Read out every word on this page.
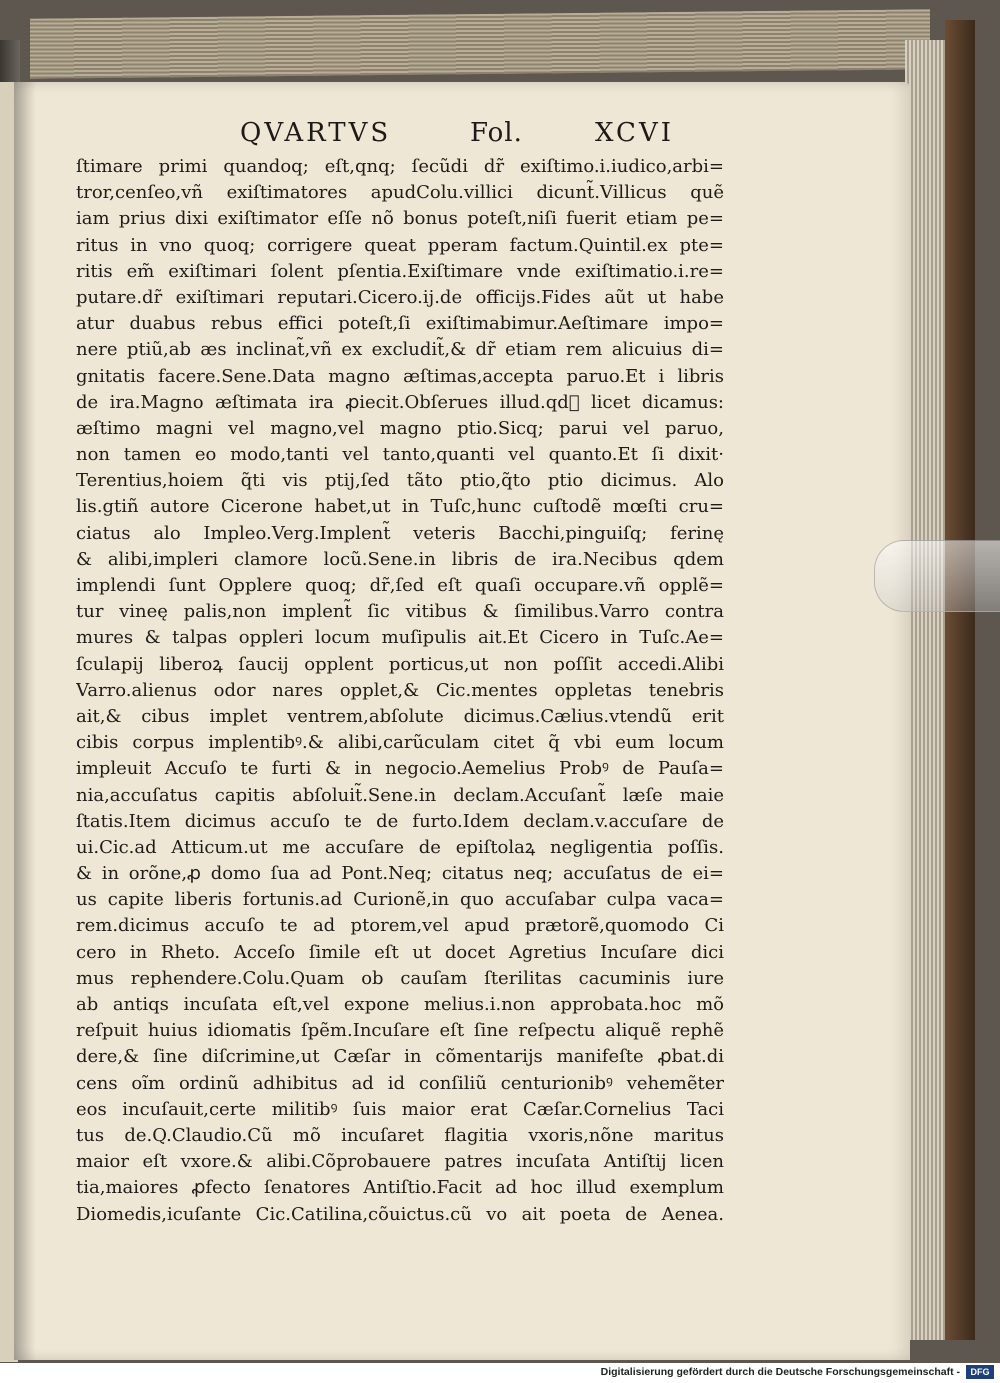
QVARTVS	Fol.	XCVI
ſtimare primi quandoq; eſt,qnq; ſecũdi dr̃ exiſtimo.i.iudico,arbi=
tror,cenſeo,vñ exiſtimatores apudColu.villici dicunt̃.Villicus quẽ
iam prius dixi exiſtimator eſſe nõ bonus poteſt,niſi fuerit etiam pe=
ritus in vno quoq; corrigere queat pperam factum.Quintil.ex pte=
ritis em̃ exiſtimari ſolent pſentia.Exiſtimare vnde exiſtimatio.i.re=
putare.dr̃ exiſtimari reputari.Cicero.ij.de officijs.Fides aũt ut habe
atur duabus rebus effici poteſt,ſi exiſtimabimur.Aeſtimare impo=
nere ptiũ,ab æs inclinat̃,vñ ex excludit̃,& dr̃ etiam rem alicuius di=
gnitatis facere.Sene.Data magno æſtimas,accepta paruo.Et i libris
de ira.Magno æſtimata ira ꝓiecit.Obſerues illud.qd᷑ licet dicamus:
æſtimo magni vel magno,vel magno ptio.Sicq; parui vel paruo,
non tamen eo modo,tanti vel tanto,quanti vel quanto.Et ſi dixit·
Terentius,hoiem q̃ti vis ptij,ſed tãto ptio,q̃to ptio dicimus. Alo
lis.gtiñ autore Cicerone habet,ut in Tuſc,hunc cuſtodẽ mœſti cru=
ciatus alo Impleo.Verg.Implent̃ veteris Bacchi,pinguiſq; ferinę
& alibi,impleri clamore locũ.Sene.in libris de ira.Necibus qdem
implendi ſunt Opplere quoq; dr̃,ſed eſt quaſi occupare.vñ opplẽ=
tur vineę palis,non implent̃ ſic vitibus & ſimilibus.Varro contra
mures & talpas oppleri locum muſipulis ait.Et Cicero in Tuſc.Ae=
ſculapij liberoꝝ ſaucij opplent porticus,ut non poſſit accedi.Alibi
Varro.alienus odor nares opplet,& Cic.mentes oppletas tenebris
ait,& cibus implet ventrem,abſolute dicimus.Cælius.vtendũ erit
cibis corpus implentibꝰ.& alibi,carũculam citet q̃ vbi eum locum
impleuit Accuſo te furti & in negocio.Aemelius Probꝰ de Pauſa=
nia,accuſatus capitis abſoluit̃.Sene.in declam.Accuſant̃ læſe maie
ſtatis.Item dicimus accuſo te de furto.Idem declam.v.accuſare de
ui.Cic.ad Atticum.ut me accuſare de epiſtolaꝝ negligentia poſſis.
& in orõne,ꝓ domo ſua ad Pont.Neq; citatus neq; accuſatus de ei=
us capite liberis fortunis.ad Curionẽ,in quo accuſabar culpa vaca=
rem.dicimus accuſo te ad ptorem,vel apud prætorẽ,quomodo Ci
cero in Rheto. Acceſo ſimile eſt ut docet Agretius Incuſare dici
mus rephendere.Colu.Quam ob cauſam ſterilitas cacuminis iure
ab antiqs incuſata eſt,vel expone melius.i.non approbata.hoc mõ
reſpuit huius idiomatis ſpẽm.Incuſare eſt ſine reſpectu aliquẽ rephẽ
dere,& ſine diſcrimine,ut Cæſar in cõmentarijs manifeſte ꝓbat.di
cens oĩm ordinũ adhibitus ad id conſiliũ centurionibꝰ vehemẽter
eos incuſauit,certe militibꝰ ſuis maior erat Cæſar.Cornelius Taci
tus de.Q.Claudio.Cũ mõ incuſaret flagitia vxoris,nõne maritus
maior eſt vxore.& alibi.Cõprobauere patres incuſata Antiſtij licen
tia,maiores ꝓfecto ſenatores Antiſtio.Facit ad hoc illud exemplum
Diomedis,icuſante Cic.Catilina,cõuictus.cũ vo ait poeta de Aenea.
Digitalisierung gefördert durch die Deutsche Forschungsgemeinschaft -	DFG
